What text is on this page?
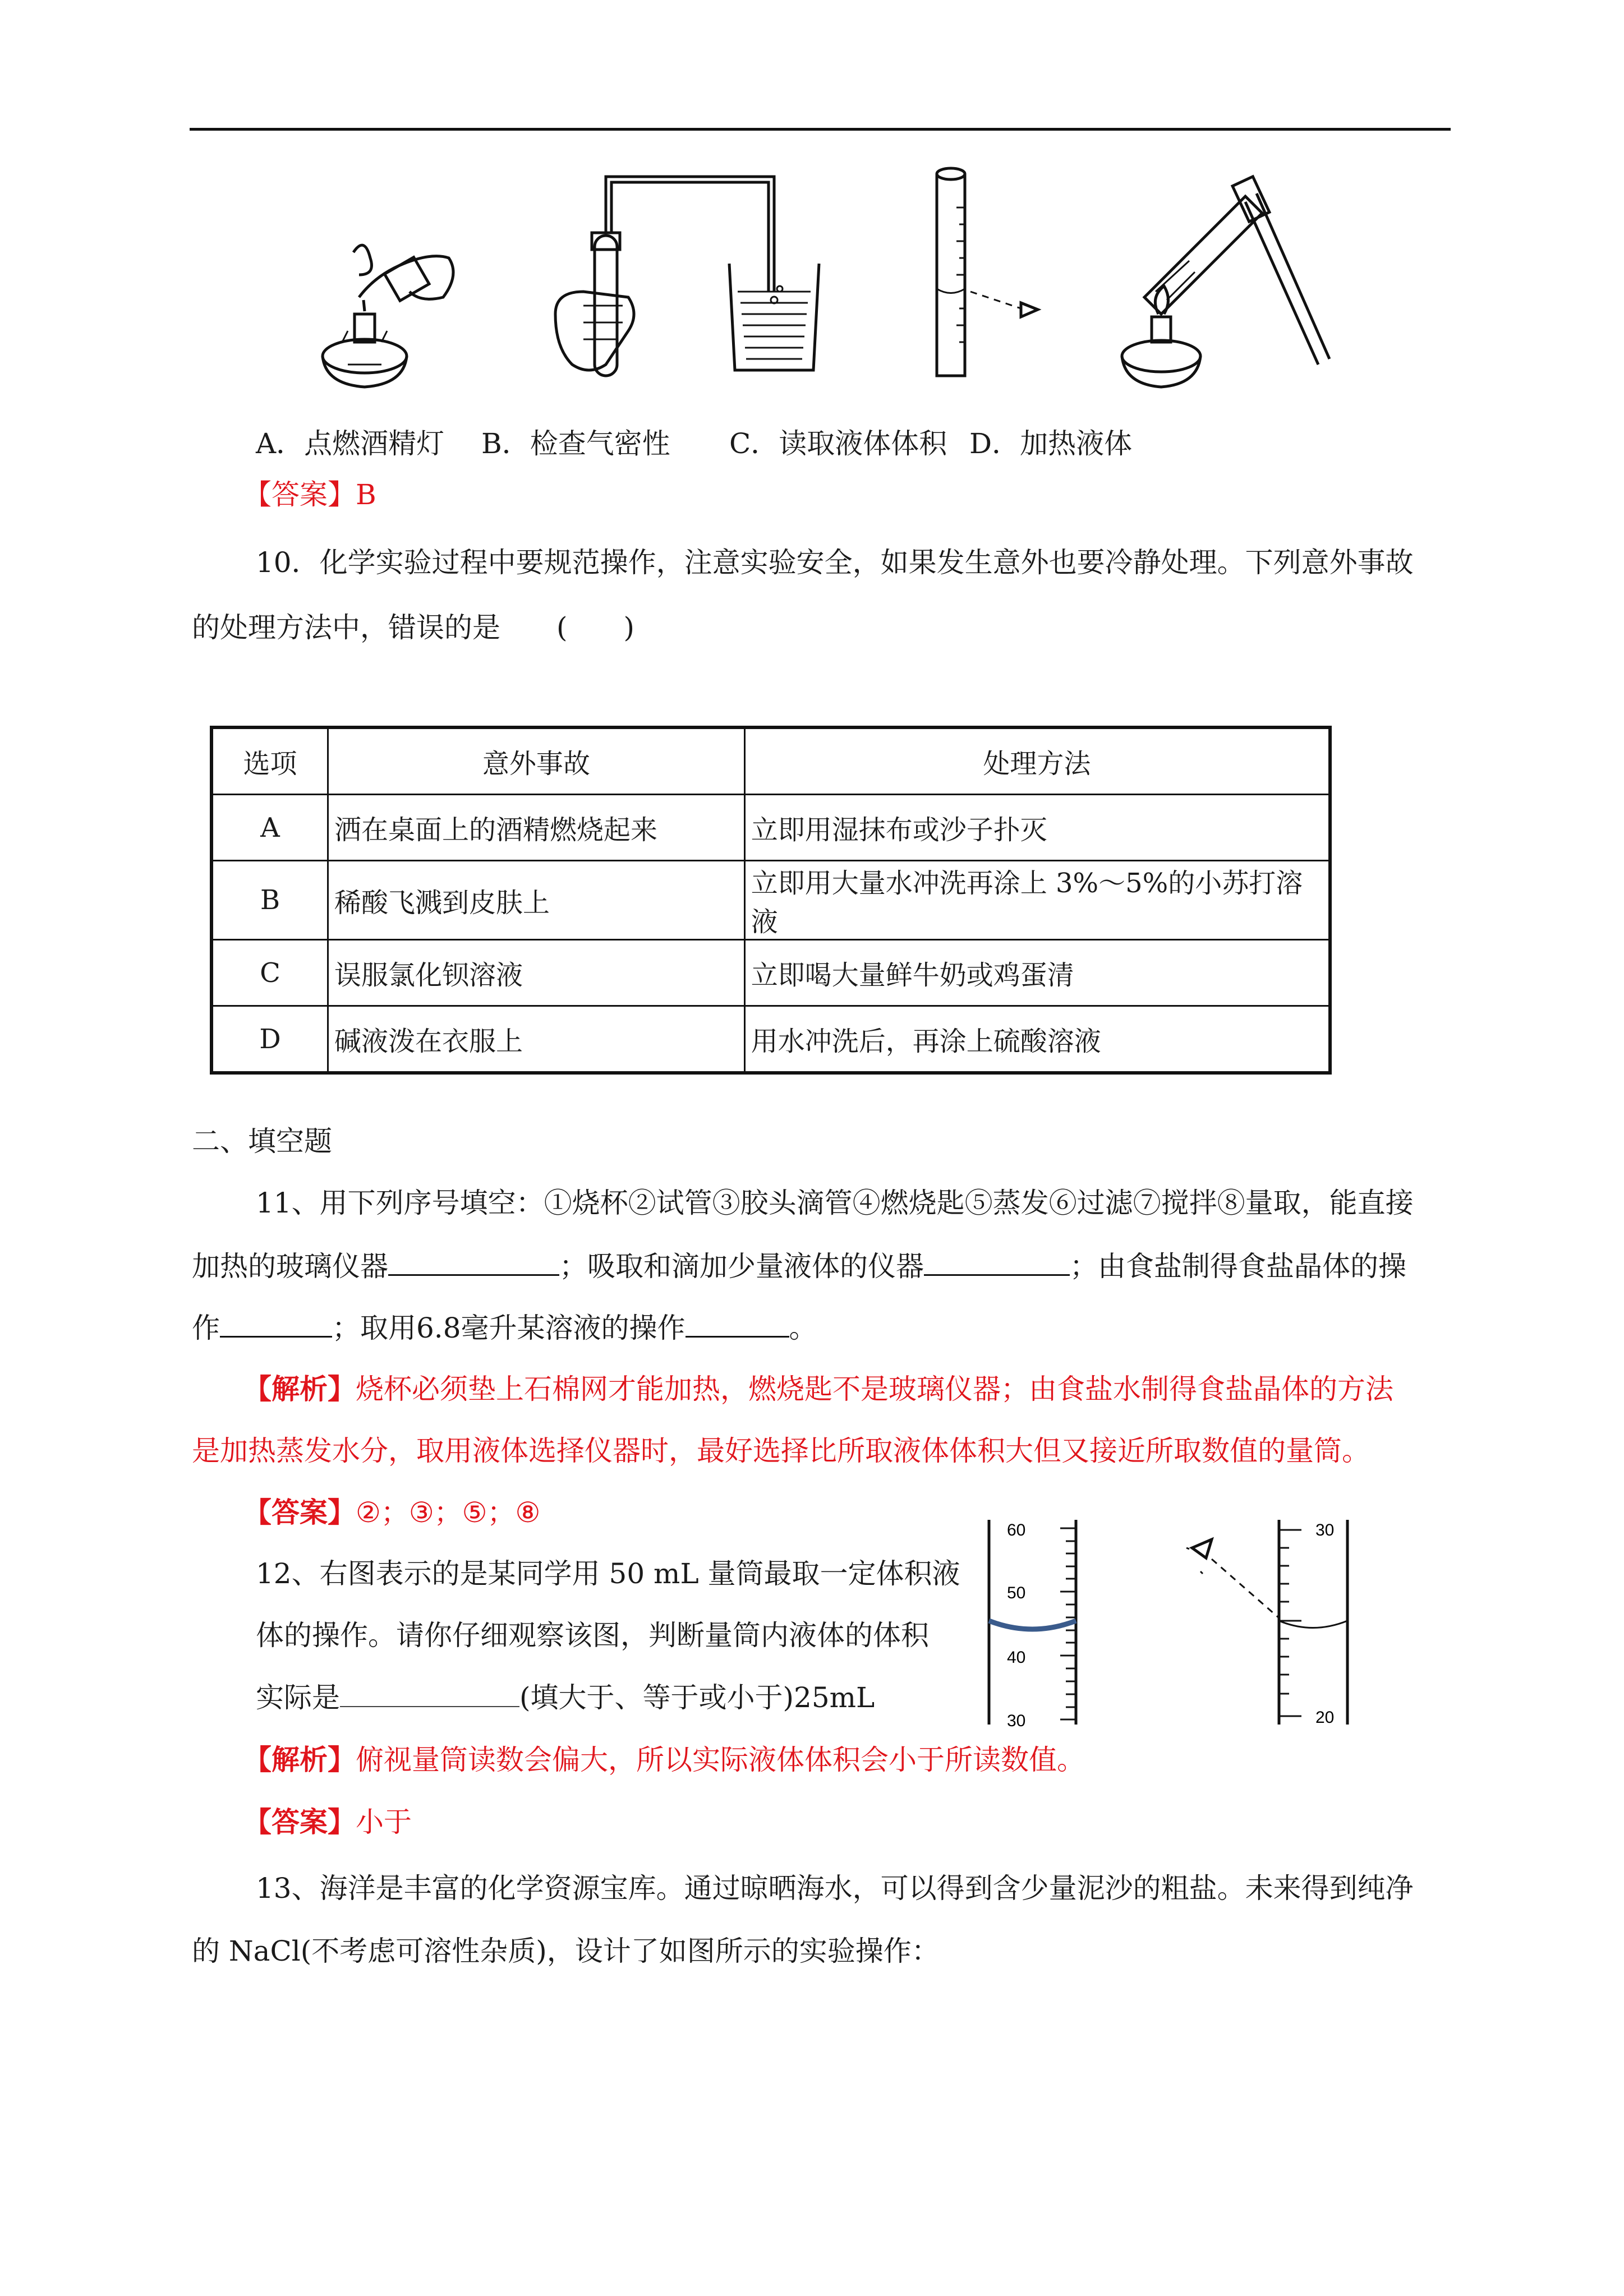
A．点燃酒精灯 B．检查气密性 C．读取液体体积 D．加热液体
【答案】B
10．化学实验过程中要规范操作，注意实验安全，如果发生意外也要冷静处理。下列意外事故
的处理方法中，错误的是　　(　　)
选项	意外事故	处理方法
A	洒在桌面上的酒精燃烧起来	立即用湿抹布或沙子扑灭
B	稀酸飞溅到皮肤上	立即用大量水冲洗再涂上 3%～5%的小苏打溶液
C	误服氯化钡溶液	立即喝大量鲜牛奶或鸡蛋清
D	碱液泼在衣服上	用水冲洗后，再涂上硫酸溶液
二、填空题
11、用下列序号填空：①烧杯②试管③胶头滴管④燃烧匙⑤蒸发⑥过滤⑦搅拌⑧量取，能直接
加热的玻璃仪器	；吸取和滴加少量液体的仪器	；由食盐制得食盐晶体的操
作	；取用6.8毫升某溶液的操作	。
【解析】烧杯必须垫上石棉网才能加热，燃烧匙不是玻璃仪器；由食盐水制得食盐晶体的方法
是加热蒸发水分，取用液体选择仪器时，最好选择比所取液体体积大但又接近所取数值的量筒。
【答案】②；③；⑤；⑧
12、右图表示的是某同学用 50 mL 量筒最取一定体积液
体的操作。请你仔细观察该图，判断量筒内液体的体积
实际是	(填大于、等于或小于)25mL
60
50
40
30
30
20
【解析】俯视量筒读数会偏大，所以实际液体体积会小于所读数值。
【答案】小于
13、海洋是丰富的化学资源宝库。通过晾晒海水，可以得到含少量泥沙的粗盐。未来得到纯净
的 NaCl(不考虑可溶性杂质)，设计了如图所示的实验操作：
